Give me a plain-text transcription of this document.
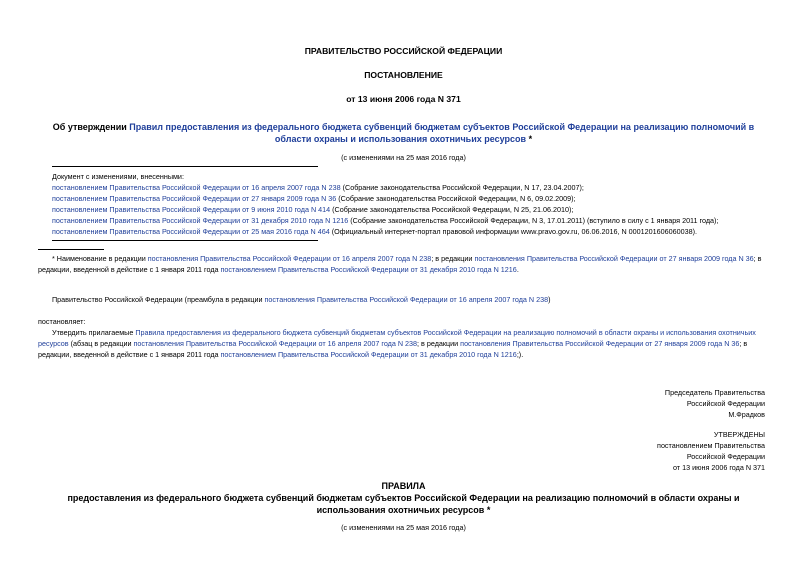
ПРАВИТЕЛЬСТВО РОССИЙСКОЙ ФЕДЕРАЦИИ
ПОСТАНОВЛЕНИЕ
от 13 июня 2006 года N 371
Об утверждении Правил предоставления из федерального бюджета субвенций бюджетам субъектов Российской Федерации на реализацию полномочий в
области охраны и использования охотничьих ресурсов *
(с изменениями на 25 мая 2016 года)
Документ с изменениями, внесенными:
постановлением Правительства Российской Федерации от 16 апреля 2007 года N 238 (Собрание законодательства Российской Федерации, N 17, 23.04.2007);
постановлением Правительства Российской Федерации от 27 января 2009 года N 36 (Собрание законодательства Российской Федерации, N 6, 09.02.2009);
постановлением Правительства Российской Федерации от 9 июня 2010 года N 414 (Собрание законодательства Российской Федерации, N 25, 21.06.2010);
постановлением Правительства Российской Федерации от 31 декабря 2010 года N 1216 (Собрание законодательства Российской Федерации, N 3, 17.01.2011) (вступило в силу с 1 января 2011 года);
постановлением Правительства Российской Федерации от 25 мая 2016 года N 464 (Официальный интернет-портал правовой информации www.pravo.gov.ru, 06.06.2016, N 0001201606060038).
* Наименование в редакции постановления Правительства Российской Федерации от 16 апреля 2007 года N 238; в редакции постановления Правительства Российской Федерации от 27 января 2009 года N 36; в
редакции, введенной в действие с 1 января 2011 года постановлением Правительства Российской Федерации от 31 декабря 2010 года N 1216.
Правительство Российской Федерации (преамбула в редакции постановления Правительства Российской Федерации от 16 апреля 2007 года N 238)
постановляет:
Утвердить прилагаемые Правила предоставления из федерального бюджета субвенций бюджетам субъектов Российской Федерации на реализацию полномочий в области охраны и использования охотничьих
ресурсов (абзац в редакции постановления Правительства Российской Федерации от 16 апреля 2007 года N 238; в редакции постановления Правительства Российской Федерации от 27 января 2009 года N 36; в
редакции, введенной в действие с 1 января 2011 года постановлением Правительства Российской Федерации от 31 декабря 2010 года N 1216;).
Председатель Правительства
Российской Федерации
М.Фрадков
УТВЕРЖДЕНЫ
постановлением Правительства
Российской Федерации
от 13 июня 2006 года N 371
ПРАВИЛА
предоставления из федерального бюджета субвенций бюджетам субъектов Российской Федерации на реализацию полномочий в области охраны и
использования охотничьих ресурсов *
(с изменениями на 25 мая 2016 года)
